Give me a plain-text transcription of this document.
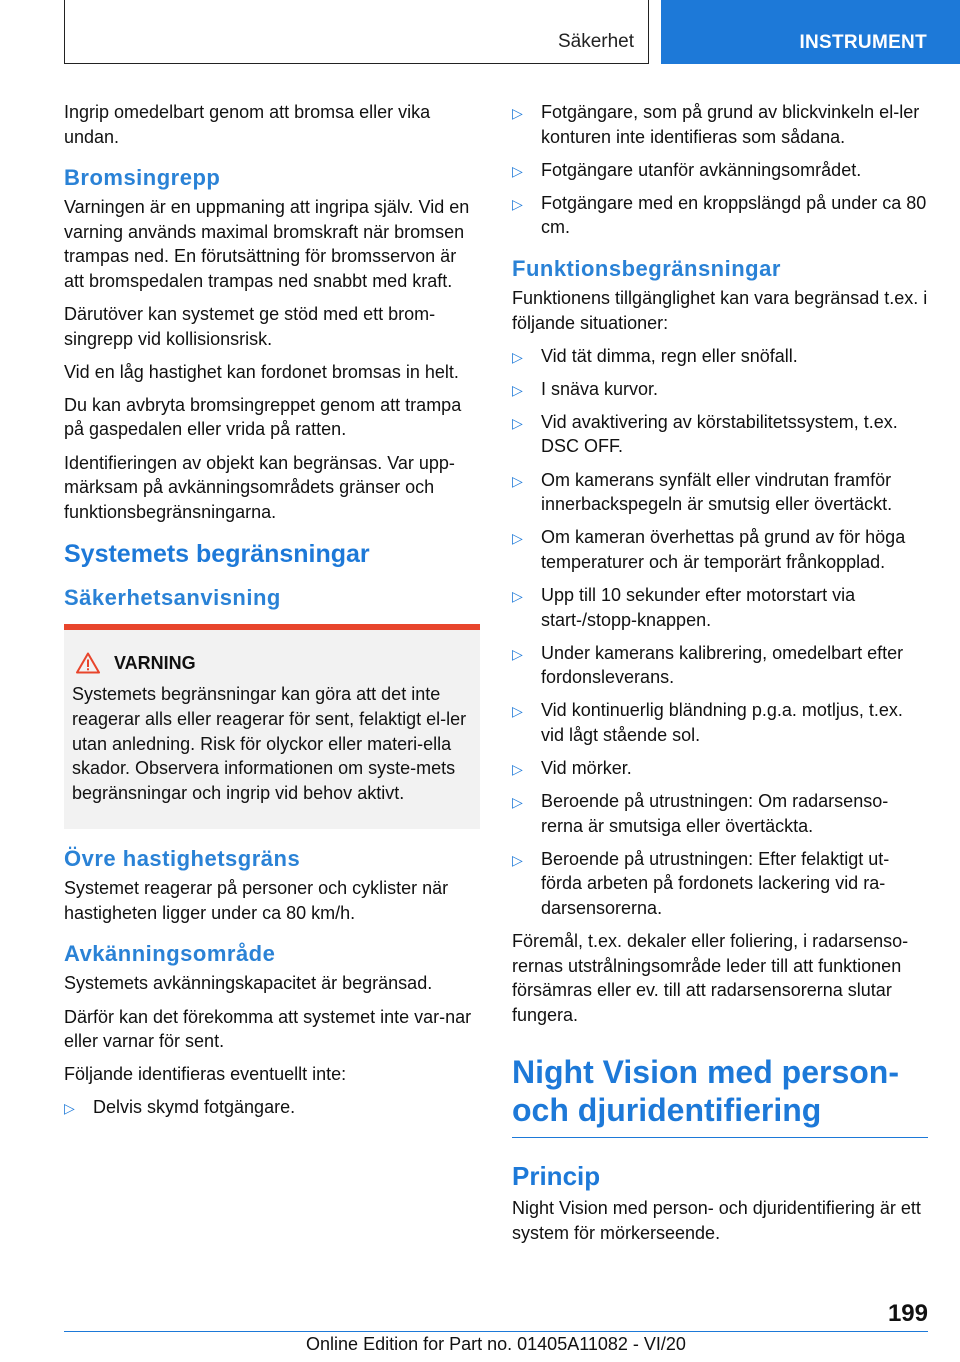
Säkerhet	INSTRUMENT

Ingrip omedelbart genom att bromsa eller vika undan.

Bromsingrepp

Varningen är en uppmaning att ingripa själv. Vid en varning används maximal bromskraft när bromsen trampas ned. En förutsättning för bromsservon är att bromspedalen trampas ned snabbt med kraft.

Därutöver kan systemet ge stöd med ett brom-singrepp vid kollisionsrisk.

Vid en låg hastighet kan fordonet bromsas in helt.

Du kan avbryta bromsingreppet genom att trampa på gaspedalen eller vrida på ratten.

Identifieringen av objekt kan begränsas. Var upp-märksam på avkänningsområdets gränser och funktionsbegränsningarna.

Systemets begränsningar
Säkerhetsanvisning
VARNING

Systemets begränsningar kan göra att det inte reagerar alls eller reagerar för sent, felaktigt el-ler utan anledning. Risk för olyckor eller materi-ella skador. Observera informationen om syste-mets begränsningar och ingrip vid behov aktivt.

Övre hastighetsgräns

Systemet reagerar på personer och cyklister när hastigheten ligger under ca 80 km/h.

Avkänningsområde

Systemets avkänningskapacitet är begränsad.

Därför kan det förekomma att systemet inte var-nar eller varnar för sent.

Följande identifieras eventuellt inte:

▷ Delvis skymd fotgängare.
▷ Fotgängare, som på grund av blickvinkeln el-ler konturen inte identifieras som sådana.
▷ Fotgängare utanför avkänningsområdet.
▷ Fotgängare med en kroppslängd på under ca 80 cm.
Funktionsbegränsningar

Funktionens tillgänglighet kan vara begränsad t.ex. i följande situationer:

▷ Vid tät dimma, regn eller snöfall.
▷ I snäva kurvor.
▷ Vid avaktivering av körstabilitetssystem, t.ex. DSC OFF.
▷ Om kamerans synfält eller vindrutan framför innerbackspegeln är smutsig eller övertäckt.
▷ Om kameran överhettas på grund av för höga temperaturer och är temporärt frånkopplad.
▷ Upp till 10 sekunder efter motorstart via start-/stopp-knappen.
▷ Under kamerans kalibrering, omedelbart efter fordonsleverans.
▷ Vid kontinuerlig bländning p.g.a. motljus, t.ex. vid lågt stående sol.
▷ Vid mörker.
▷ Beroende på utrustningen: Om radarsenso-rerna är smutsiga eller övertäckta.
▷ Beroende på utrustningen: Efter felaktigt ut-förda arbeten på fordonets lackering vid ra-darsensorerna.

Föremål, t.ex. dekaler eller foliering, i radarsenso-rernas utstrålningsområde leder till att funktionen försämras eller ev. till att radarsensorerna slutar fungera.

Night Vision med person-
och djuridentifiering
Princip

Night Vision med person- och djuridentifiering är ett system för mörkerseende.

199
Online Edition for Part no. 01405A11082 - VI/20
